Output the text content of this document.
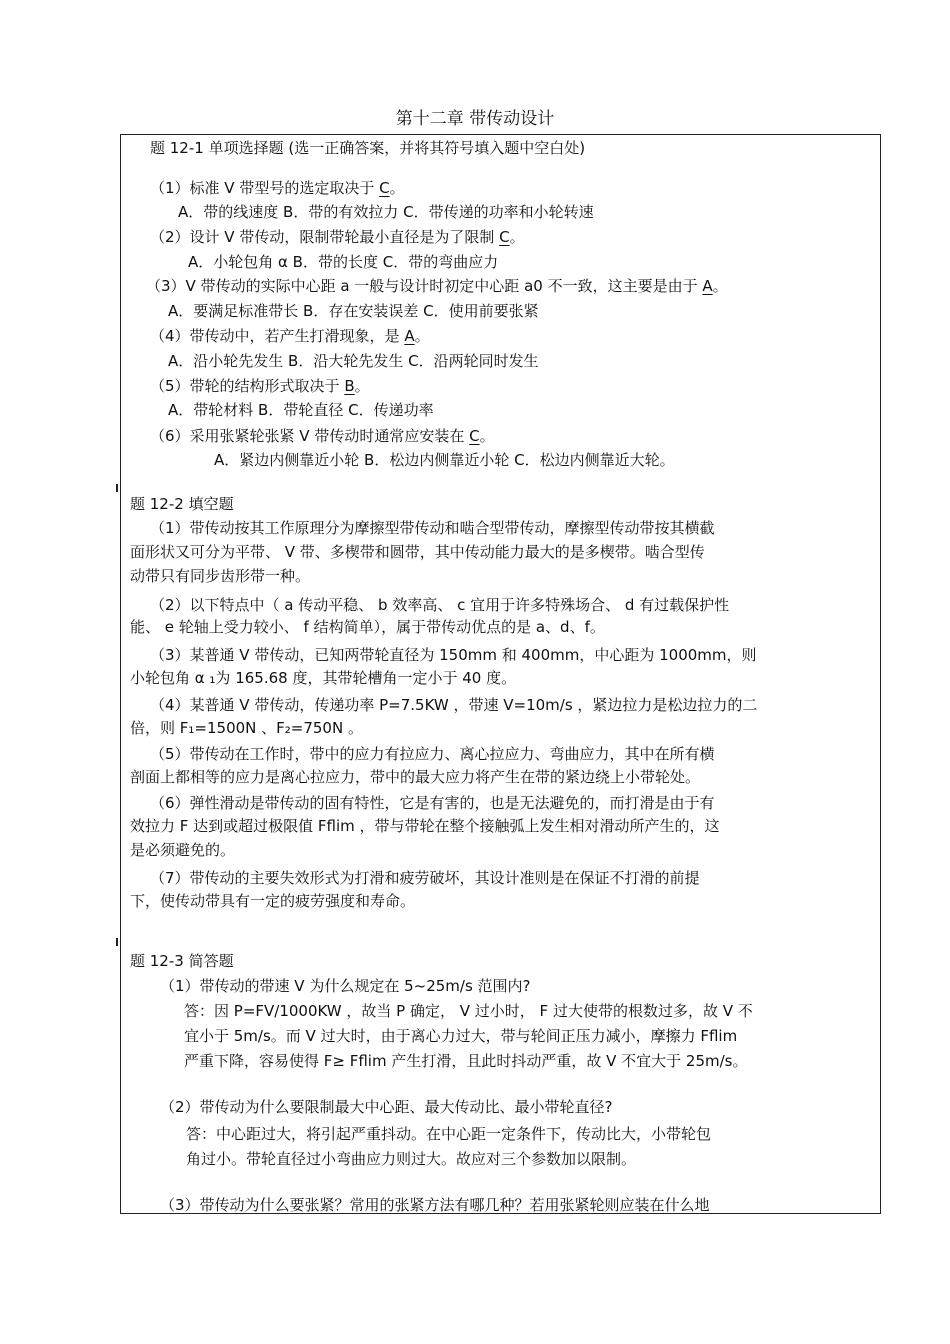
第十二章 带传动设计
题 12-1 单项选择题 (选一正确答案，并将其符号填入题中空白处)
（1）标准 V 带型号的选定取决于 C。
A．带的线速度 B．带的有效拉力 C．带传递的功率和小轮转速
（2）设计 V 带传动，限制带轮最小直径是为了限制 C。
A．小轮包角 α B．带的长度 C．带的弯曲应力
（3）V 带传动的实际中心距 a 一般与设计时初定中心距 a0 不一致，这主要是由于 A。
A．要满足标准带长 B．存在安装误差 C．使用前要张紧
（4）带传动中，若产生打滑现象，是 A。
A．沿小轮先发生 B．沿大轮先发生 C．沿两轮同时发生
（5）带轮的结构形式取决于 B。
A．带轮材料 B．带轮直径 C．传递功率
（6）采用张紧轮张紧 V 带传动时通常应安装在 C。
A．紧边内侧靠近小轮 B．松边内侧靠近小轮 C．松边内侧靠近大轮。
题 12-2 填空题
（1）带传动按其工作原理分为摩擦型带传动和啮合型带传动，摩擦型传动带按其横截
面形状又可分为平带、 V 带、多楔带和圆带，其中传动能力最大的是多楔带。啮合型传
动带只有同步齿形带一种。
（2）以下特点中（ a 传动平稳、 b 效率高、 c 宜用于许多特殊场合、 d 有过载保护性
能、 e 轮轴上受力较小、 f 结构简单），属于带传动优点的是 a、d、f。
（3）某普通 V 带传动，已知两带轮直径为 150mm 和 400mm，中心距为 1000mm，则
小轮包角 α ₁为 165.68 度，其带轮槽角一定小于 40 度。
（4）某普通 V 带传动，传递功率 P=7.5KW ，带速 V=10m/s ，紧边拉力是松边拉力的二
倍，则 F₁=1500N 、F₂=750N 。
（5）带传动在工作时，带中的应力有拉应力、离心拉应力、弯曲应力，其中在所有横
剖面上都相等的应力是离心拉应力，带中的最大应力将产生在带的紧边绕上小带轮处。
（6）弹性滑动是带传动的固有特性，它是有害的，也是无法避免的，而打滑是由于有
效拉力 F 达到或超过极限值 Fflim ，带与带轮在整个接触弧上发生相对滑动所产生的，这
是必须避免的。
（7）带传动的主要失效形式为打滑和疲劳破坏，其设计准则是在保证不打滑的前提
下，使传动带具有一定的疲劳强度和寿命。
题 12-3 简答题
（1）带传动的带速 V 为什么规定在 5~25m/s 范围内?
答：因 P=FV/1000KW ，故当 P 确定， V 过小时， F 过大使带的根数过多，故 V 不
宜小于 5m/s。而 V 过大时，由于离心力过大，带与轮间正压力减小，摩擦力 Fflim
严重下降，容易使得 F≥ Fflim 产生打滑，且此时抖动严重，故 V 不宜大于 25m/s。
（2）带传动为什么要限制最大中心距、最大传动比、最小带轮直径?
答：中心距过大，将引起严重抖动。在中心距一定条件下，传动比大，小带轮包
角过小。带轮直径过小弯曲应力则过大。故应对三个参数加以限制。
（3）带传动为什么要张紧？常用的张紧方法有哪几种？若用张紧轮则应装在什么地
